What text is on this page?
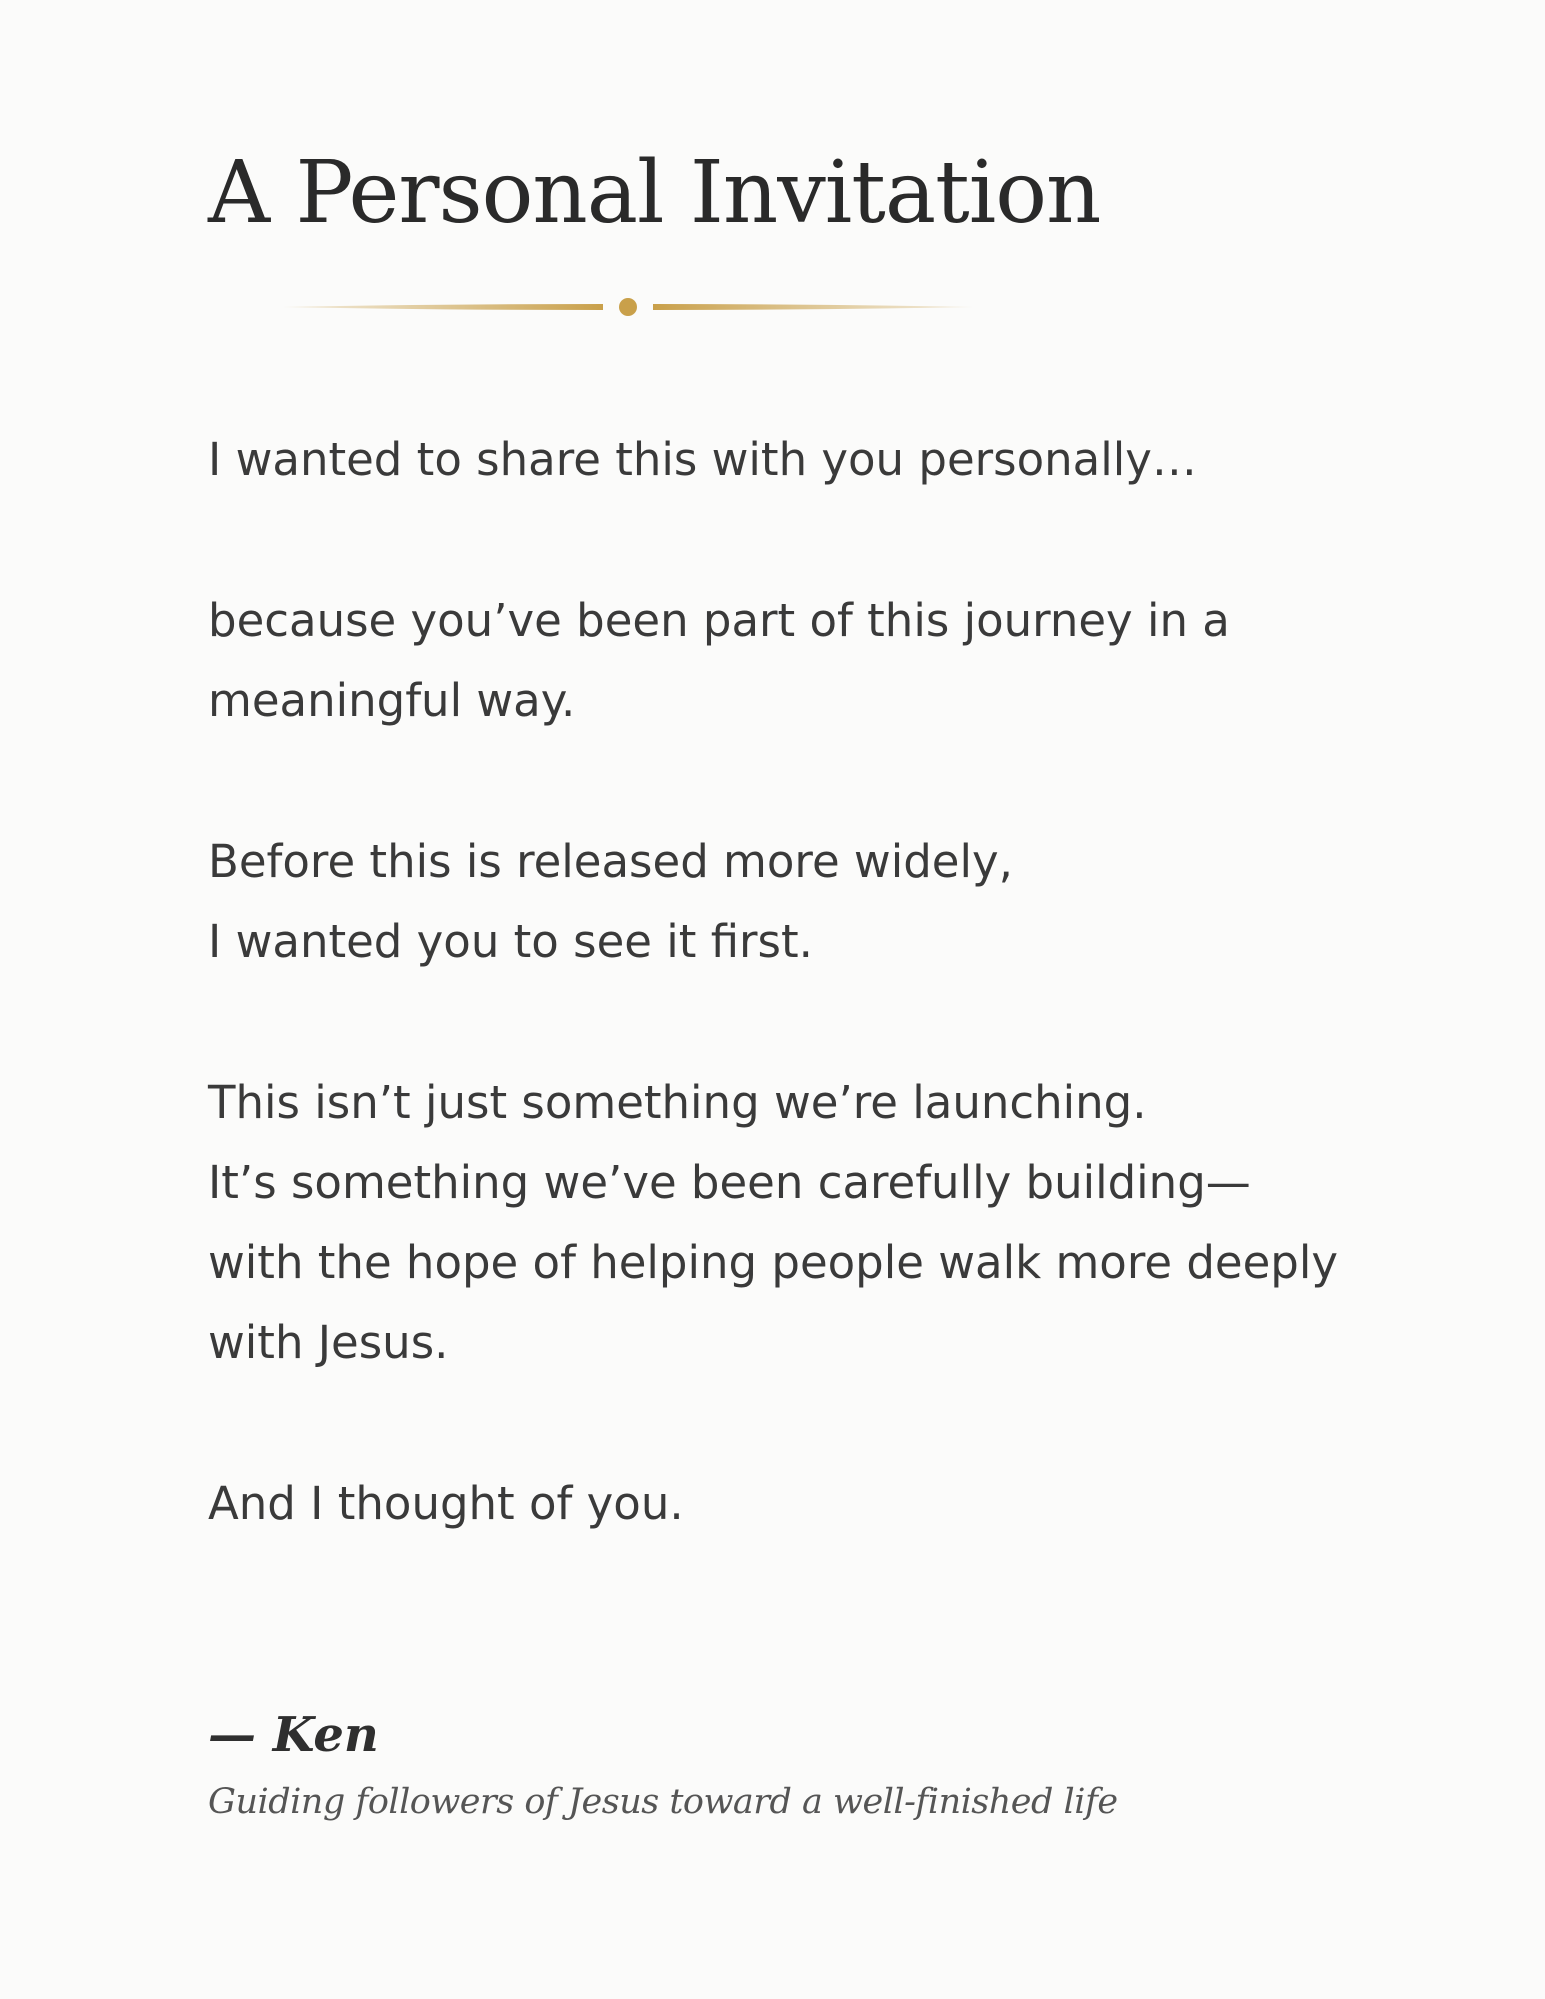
A Personal Invitation

I wanted to share this with you personally…

because you’ve been part of this journey in a
meaningful way.

Before this is released more widely,
I wanted you to see it first.

This isn’t just something we’re launching.
It’s something we’ve been carefully building—
with the hope of helping people walk more deeply
with Jesus.

And I thought of you.

— Ken
Guiding followers of Jesus toward a well-finished life
